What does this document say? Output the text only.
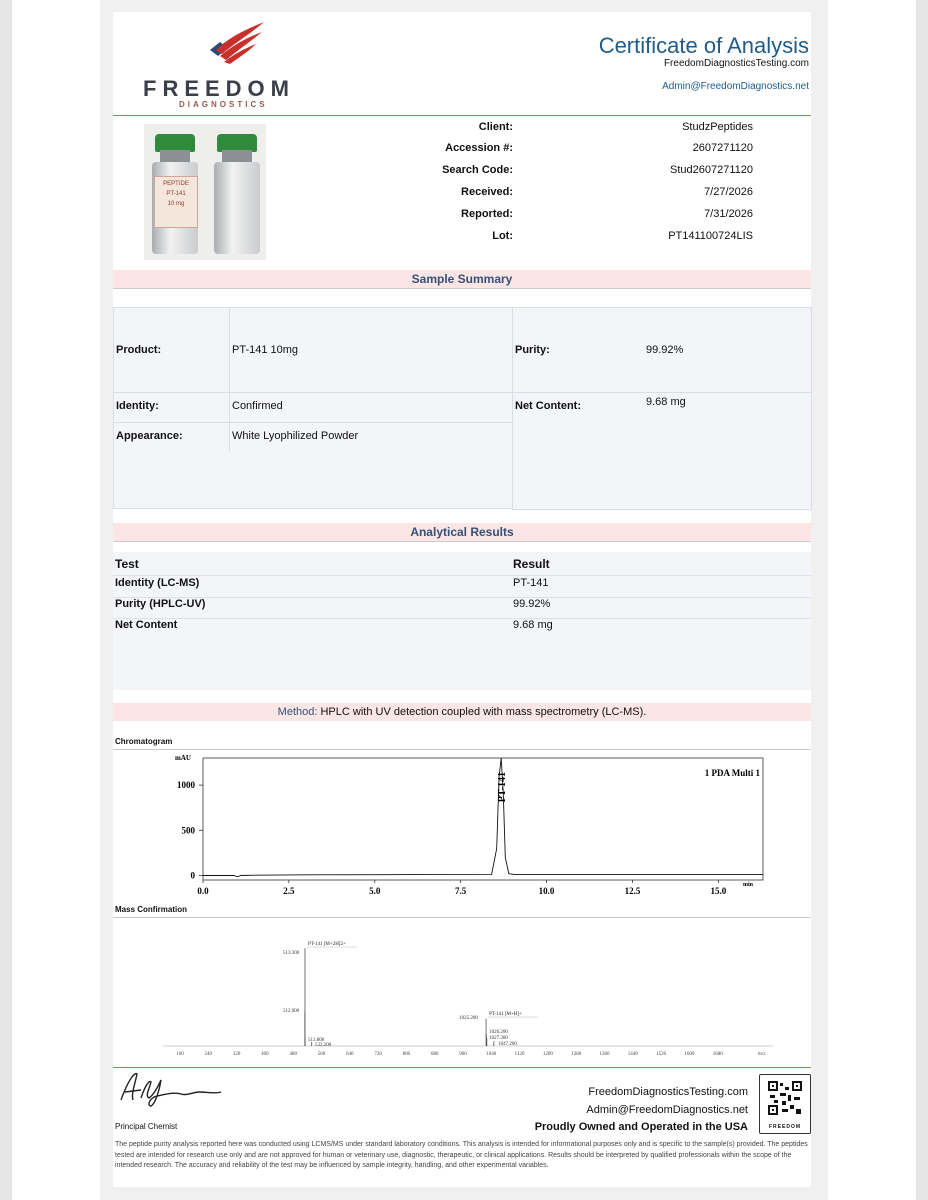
FREEDOM
DIAGNOSTICS
Certificate of Analysis
FreedomDiagnosticsTesting.com
Admin@FreedomDiagnostics.net
PEPTIDE
PT-141
10 mg
Client:	StudzPeptides
Accession #:	2607271120
Search Code:	Stud2607271120
Received:	7/27/2026
Reported:	7/31/2026
Lot:	PT141100724LIS
Sample Summary
Product:	PT-141 10mg	Purity:	99.92%
Identity:	Confirmed	Net Content:	9.68 mg
Appearance:	White Lyophilized Powder
Analytical Results
Test	Result
Identity (LC-MS)	PT-141
Purity (HPLC-UV)	99.92%
Net Content	9.68 mg
Method: HPLC with UV detection coupled with mass spectrometry (LC-MS).
Chromatogram
mAU
min
0
500
1000
0.0	2.5	5.0	7.5	10.0	12.5	15.0
1 PDA Multi 1
PT-141
Mass Confirmation
160	240	320	400	480	560	640	720	800	880	960	1040	1120	1200	1280	1360	1440	1520	1600	1680	m/z
513.300
512.900
513.800
532.200
1025.200
1026.200
1027.300
1047.200
PT-141 [M+2H]2+
PT-141 [M+H]+
Principal Chemist
FreedomDiagnosticsTesting.com
Admin@FreedomDiagnostics.net
Proudly Owned and Operated in the USA	FREEDOM
The peptide purity analysis reported here was conducted using LCMS/MS under standard laboratory conditions. This analysis is intended for informational purposes only and is specific to the sample(s) provided. The peptides tested are intended for research use only and are not approved for human or veterinary use, diagnostic, therapeutic, or clinical applications. Results should be interpreted by qualified professionals within the scope of the intended research. The accuracy and reliability of the test may be influenced by sample integrity, handling, and other experimental variables.
